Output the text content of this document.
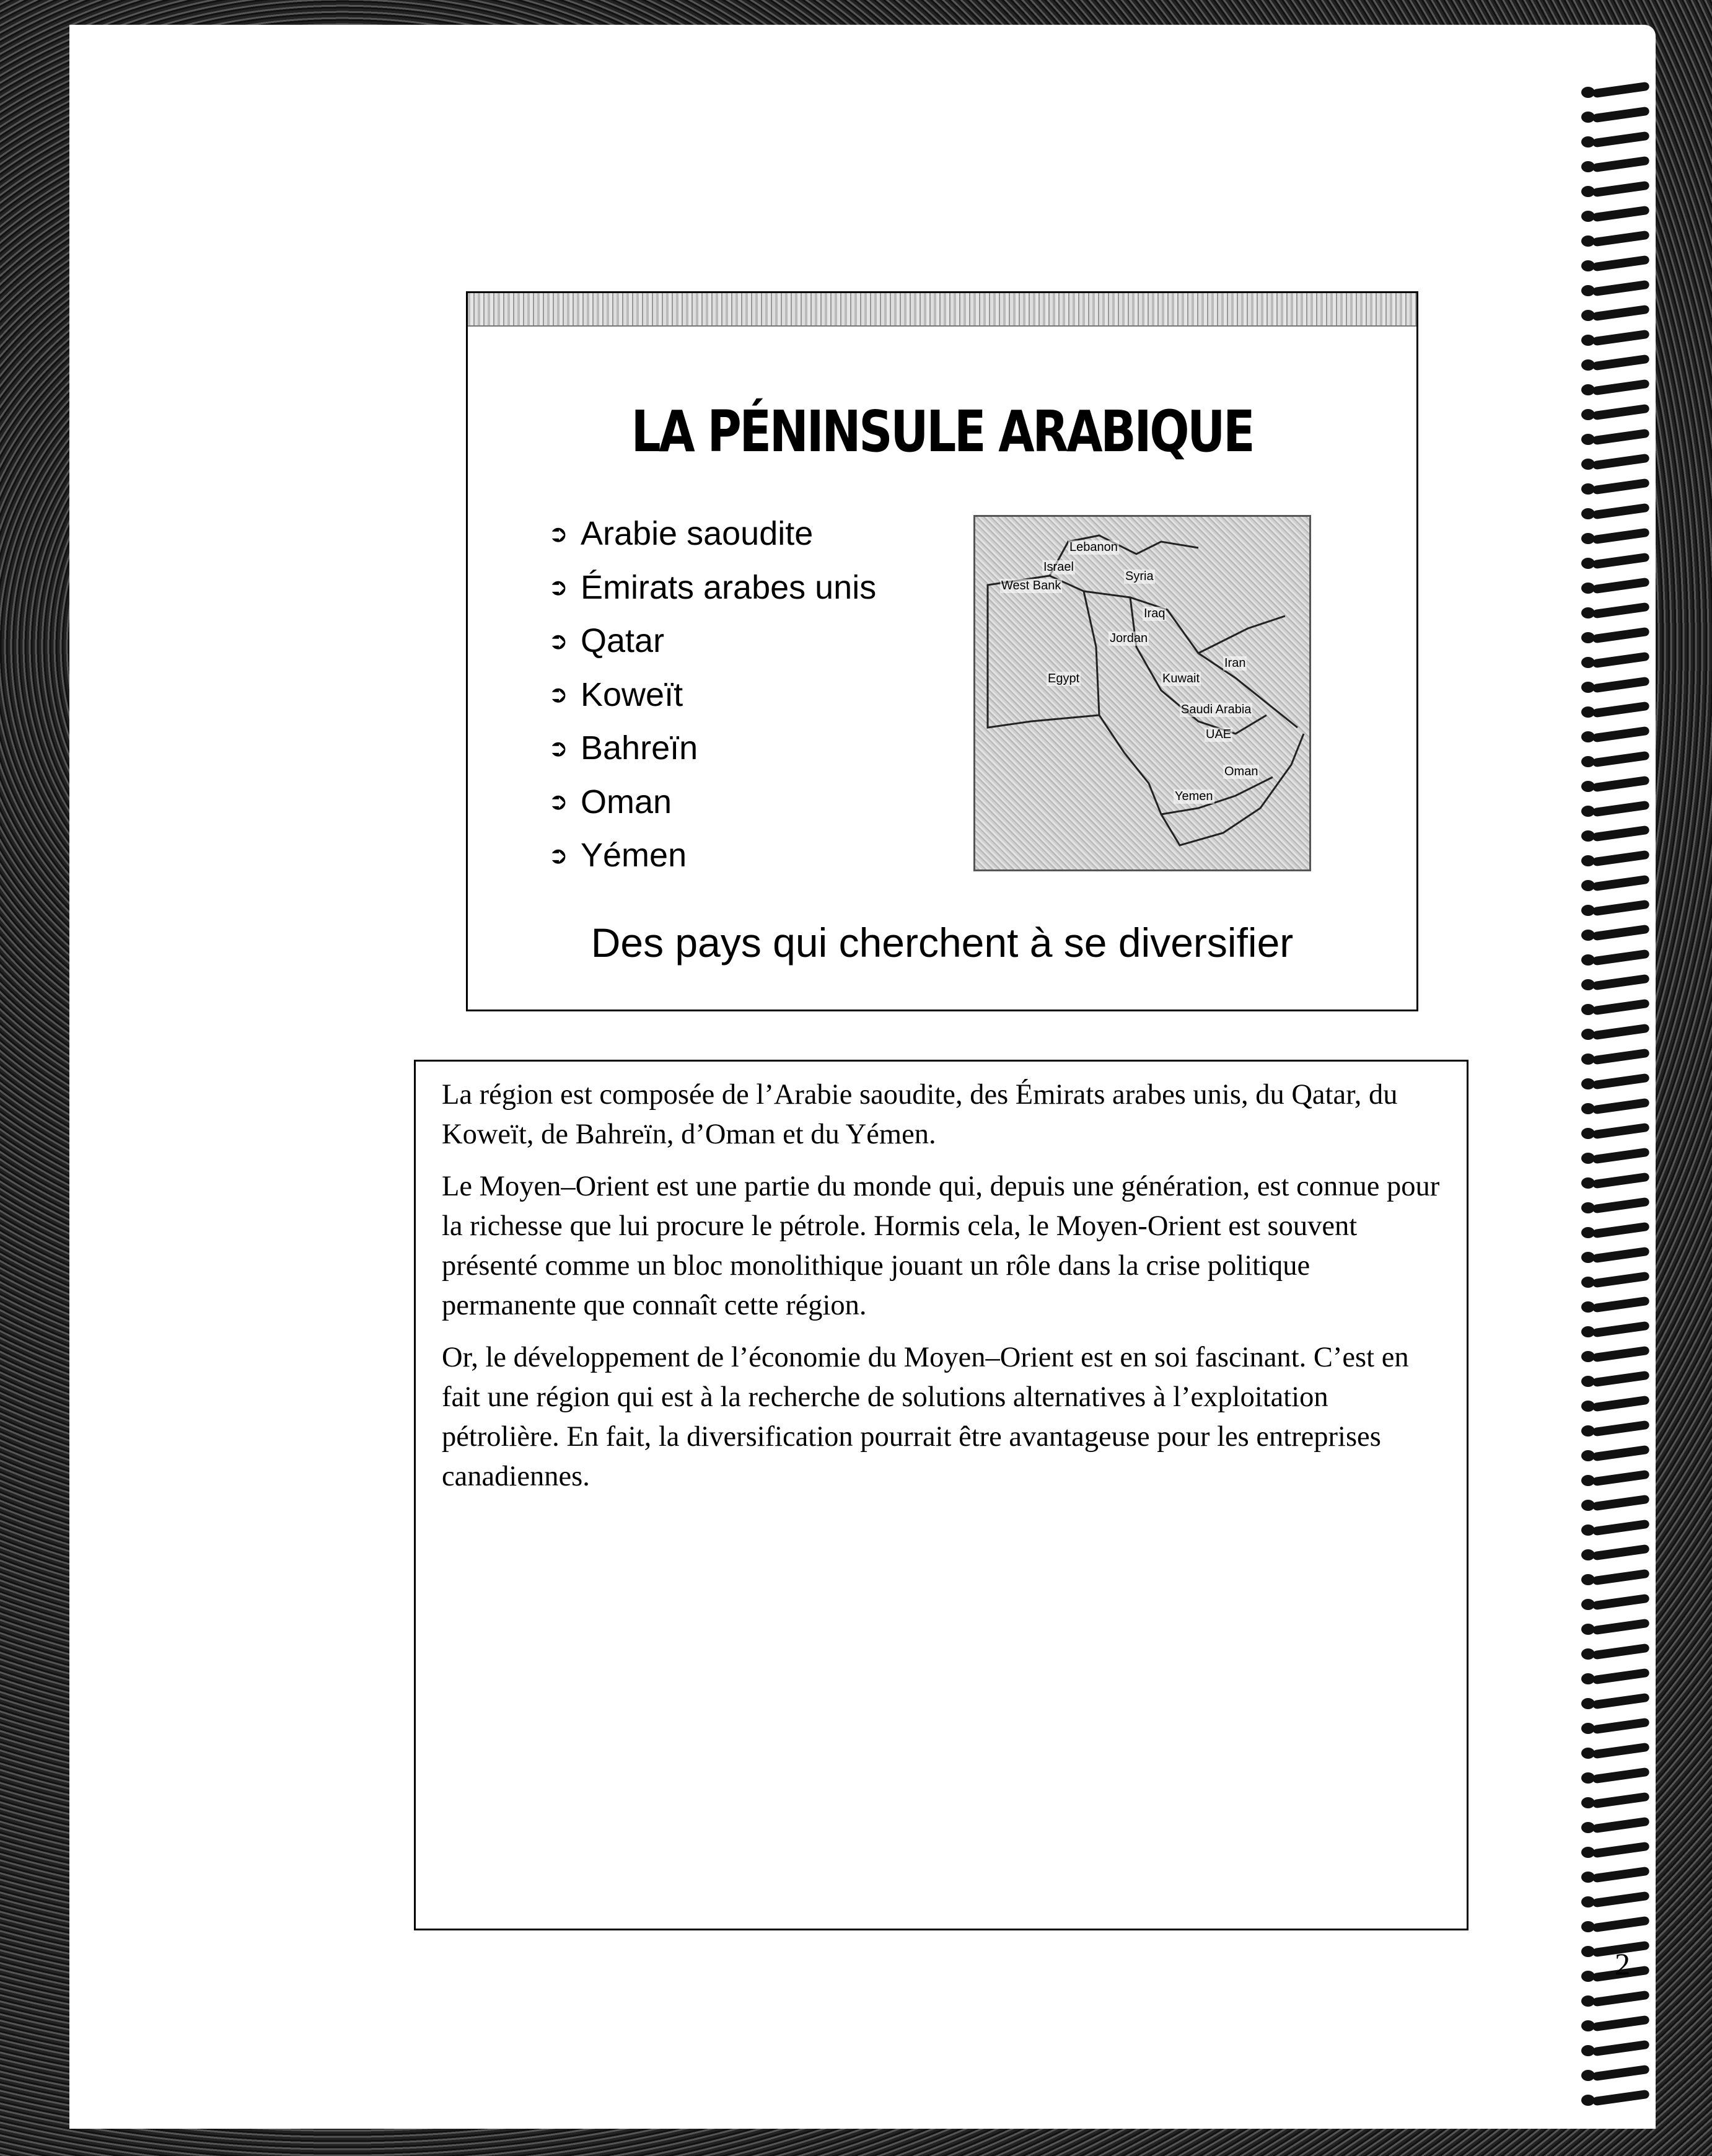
LA PÉNINSULE ARABIQUE
➲ Arabie saoudite
➲ Émirats arabes unis
➲ Qatar
➲ Koweït
➲ Bahreïn
➲ Oman
➲ Yémen
Lebanon
Israel
West Bank
Syria
Iraq
Jordan
Egypt
Iran
Kuwait
Saudi Arabia
UAE
Oman
Yemen
Des pays qui cherchent à se diversifier

La région est composée de l’Arabie saoudite, des Émirats arabes unis, du Qatar, du Koweït, de Bahreïn, d’Oman et du Yémen.

Le Moyen–Orient est une partie du monde qui, depuis une génération, est connue pour la richesse que lui procure le pétrole. Hormis cela, le Moyen-Orient est souvent présenté comme un bloc monolithique jouant un rôle dans la crise politique permanente que connaît cette région.

Or, le développement de l’économie du Moyen–Orient est en soi fascinant. C’est en fait une région qui est à la recherche de solutions alternatives à l’exploitation pétrolière. En fait, la diversification pourrait être avantageuse pour les entreprises canadiennes.

2
